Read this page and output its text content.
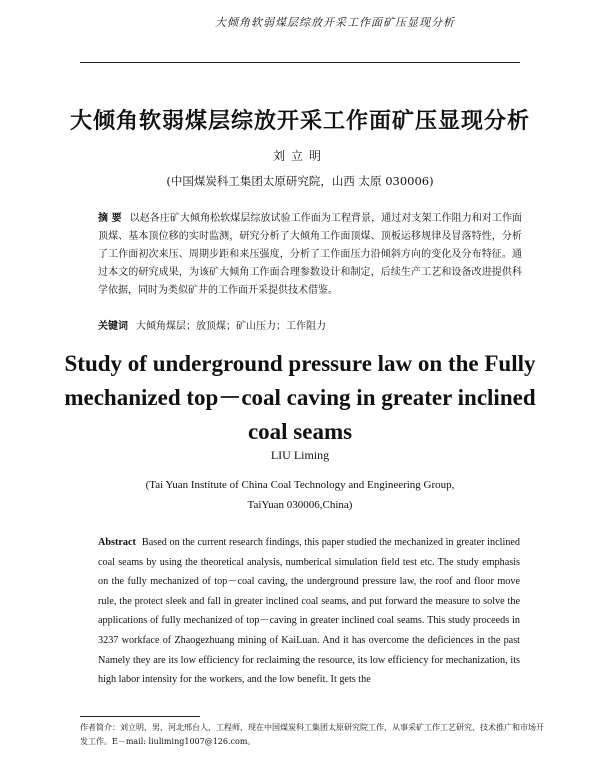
大倾角软弱煤层综放开采工作面矿压显现分析
大倾角软弱煤层综放开采工作面矿压显现分析
刘立明
(中国煤炭科工集团太原研究院，山西 太原 030006)
摘 要 以赵各庄矿大倾角松软煤层综放试验工作面为工程背景，通过对支架工作阻力和对工作面顶煤、基本顶位移的实时监测，研究分析了大倾角工作面顶煤、顶板运移规律及冒落特性，分析了工作面初次来压、周期步距和来压强度，分析了工作面压力沿倾斜方向的变化及分布特征。通过本文的研究成果，为该矿大倾角工作面合理参数设计和制定，后续生产工艺和设备改进提供科学依据，同时为类似矿井的工作面开采提供技术借鉴。
关键词 大倾角煤层；放顶煤；矿山压力；工作阻力
Study of underground pressure law on the Fully mechanized top－coal caving in greater inclined coal seams
LIU Liming
(Tai Yuan Institute of China Coal Technology and Engineering Group,
TaiYuan 030006,China)
Abstract Based on the current research findings, this paper studied the mechanized in greater inclined coal seams by using the theoretical analysis, numberical simulation field test etc. The study emphasis on the fully mechanized of top－coal caving, the underground pressure law, the roof and floor move rule, the protect sleek and fall in greater inclined coal seams, and put forward the measure to solve the applications of fully mechanized of top－caving in greater inclined coal seams. This study proceeds in 3237 workface of Zhaogezhuang mining of KaiLuan. And it has overcome the deficiences in the past Namely they are its low efficiency for reclaiming the resource, its low efficiency for mechanization, its high labor intensity for the workers, and the low benefit. It gets the
作者简介：刘立明，男，河北邢台人，工程师，现在中国煤炭科工集团太原研究院工作，从事采矿工作工艺研究、技术推广和市场开发工作。E－mail: liuliming1007@126.com。
